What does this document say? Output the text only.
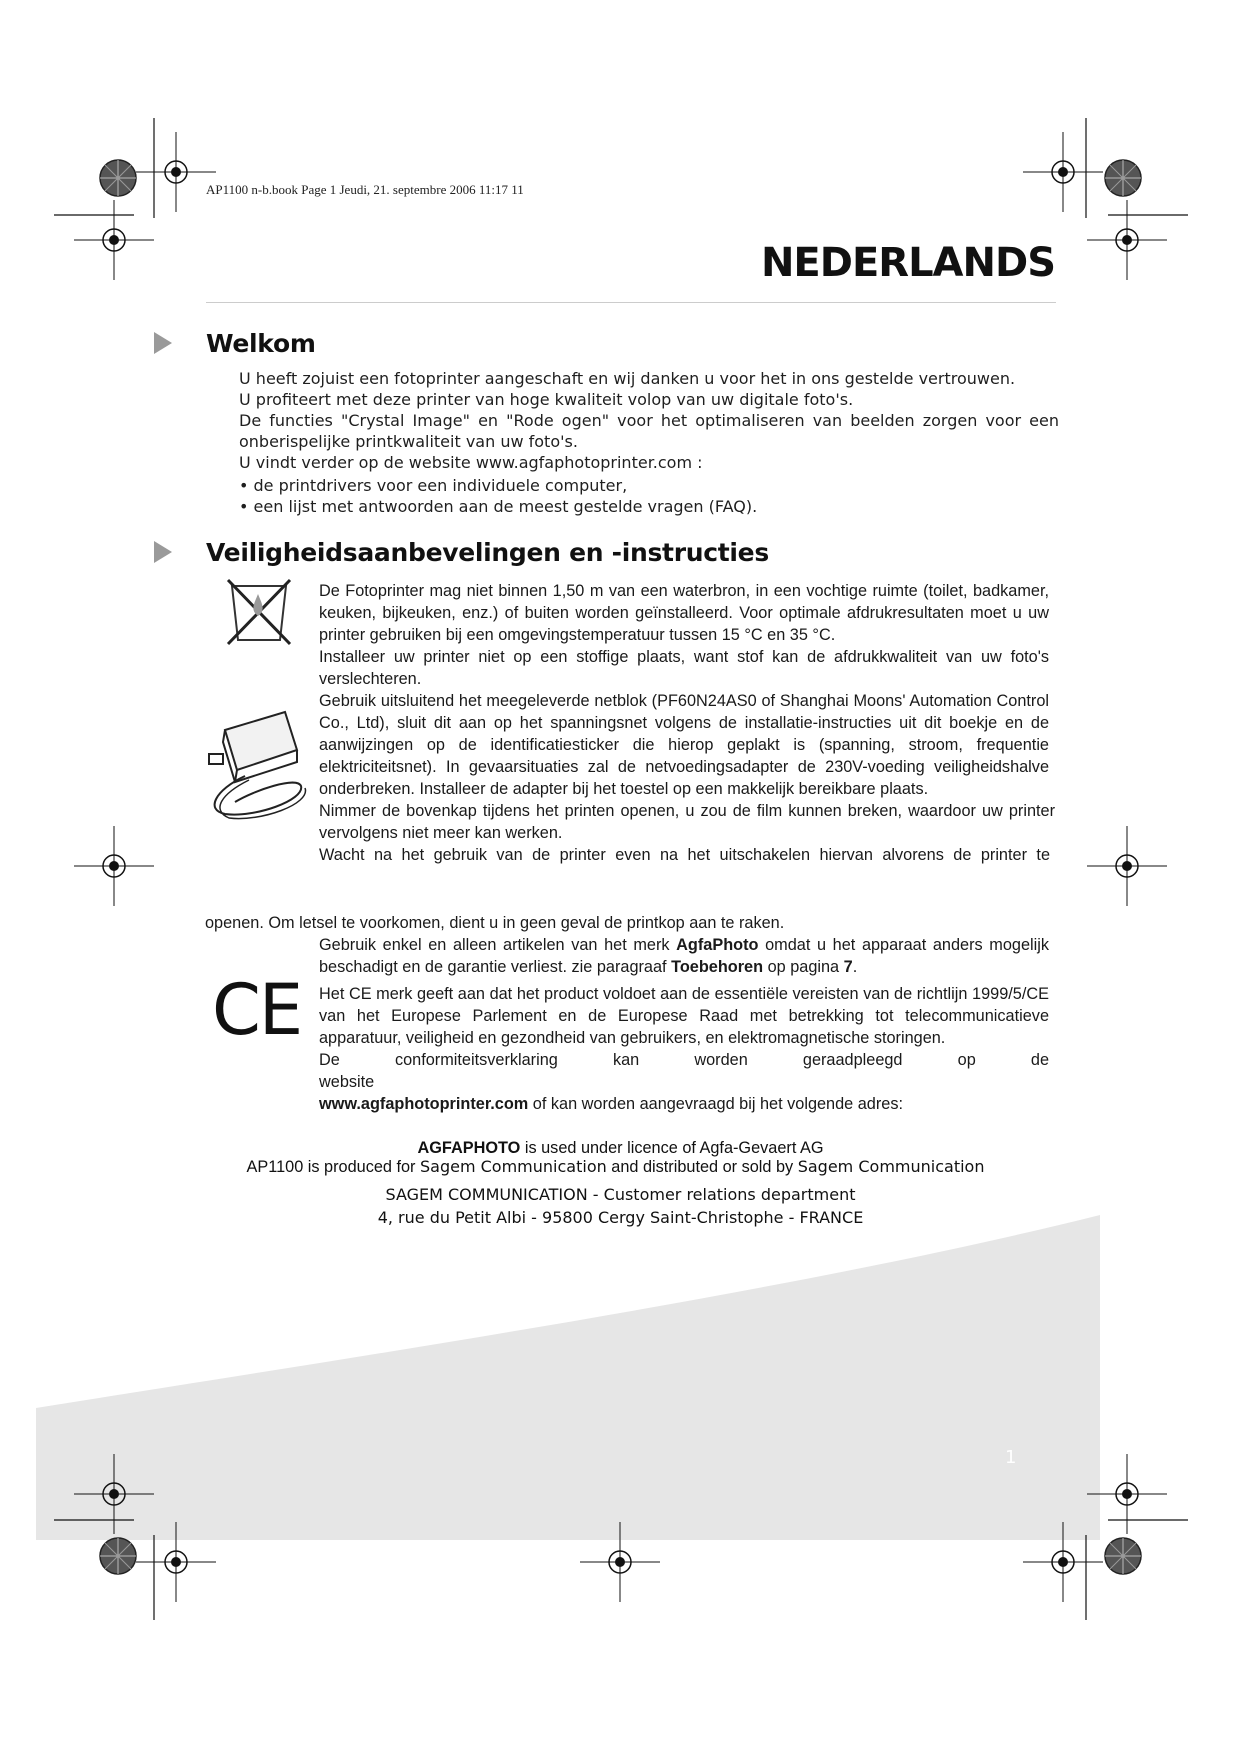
AP1100 n-b.book Page 1 Jeudi, 21. septembre 2006 11:17 11
NEDERLANDS
Welkom

U heeft zojuist een fotoprinter aangeschaft en wij danken u voor het in ons gestelde vertrouwen.

U profiteert met deze printer van hoge kwaliteit volop van uw digitale foto's.

De functies "Crystal Image" en "Rode ogen" voor het optimaliseren van beelden zorgen voor een onberispelijke printkwaliteit van uw foto's.

U vindt verder op de website www.agfaphotoprinter.com :

• de printdrivers voor een individuele computer,

• een lijst met antwoorden aan de meest gestelde vragen (FAQ).

Veiligheidsaanbevelingen en -instructies

De Fotoprinter mag niet binnen 1,50 m van een waterbron, in een vochtige ruimte (toilet, badkamer, keuken, bijkeuken, enz.) of buiten worden geïnstalleerd. Voor optimale afdrukresultaten moet u uw printer gebruiken bij een omgevingstemperatuur tussen 15 °C en 35 °C.

Installeer uw printer niet op een stoffige plaats, want stof kan de afdrukkwaliteit van uw foto's verslechteren.

Gebruik uitsluitend het meegeleverde netblok (PF60N24AS0 of Shanghai Moons' Automation Control Co., Ltd), sluit dit aan op het spanningsnet volgens de installatie-instructies uit dit boekje en de aanwijzingen op de identificatiesticker die hierop geplakt is (spanning, stroom, frequentie elektriciteitsnet). In gevaarsituaties zal de netvoedingsadapter de 230V-voeding veiligheidshalve onderbreken. Installeer de adapter bij het toestel op een makkelijk bereikbare plaats.

Nimmer de bovenkap tijdens het printen openen, u zou de film kunnen breken, waardoor uw printer vervolgens niet meer kan werken.

Wacht na het gebruik van de printer even na het uitschakelen hiervan alvorens de printer te

openen. Om letsel te voorkomen, dient u in geen geval de printkop aan te raken.

Gebruik enkel en alleen artikelen van het merk AgfaPhoto omdat u het apparaat anders mogelijk beschadigt en de garantie verliest. zie paragraaf Toebehoren op pagina 7.

CE Het CE merk geeft aan dat het product voldoet aan de essentiële vereisten van de richtlijn 1999/5/CE van het Europese Parlement en de Europese Raad met betrekking tot telecommunicatieve apparatuur, veiligheid en gezondheid van gebruikers, en elektromagnetische storingen.

De conformiteitsverklaring kan worden geraadpleegd op de website

www.agfaphotoprinter.com of kan worden aangevraagd bij het volgende adres:

AGFAPHOTO is used under licence of Agfa-Gevaert AG
AP1100 is produced for Sagem Communication and distributed or sold by Sagem Communication
SAGEM COMMUNICATION - Customer relations department
4, rue du Petit Albi - 95800 Cergy Saint-Christophe - FRANCE
1
